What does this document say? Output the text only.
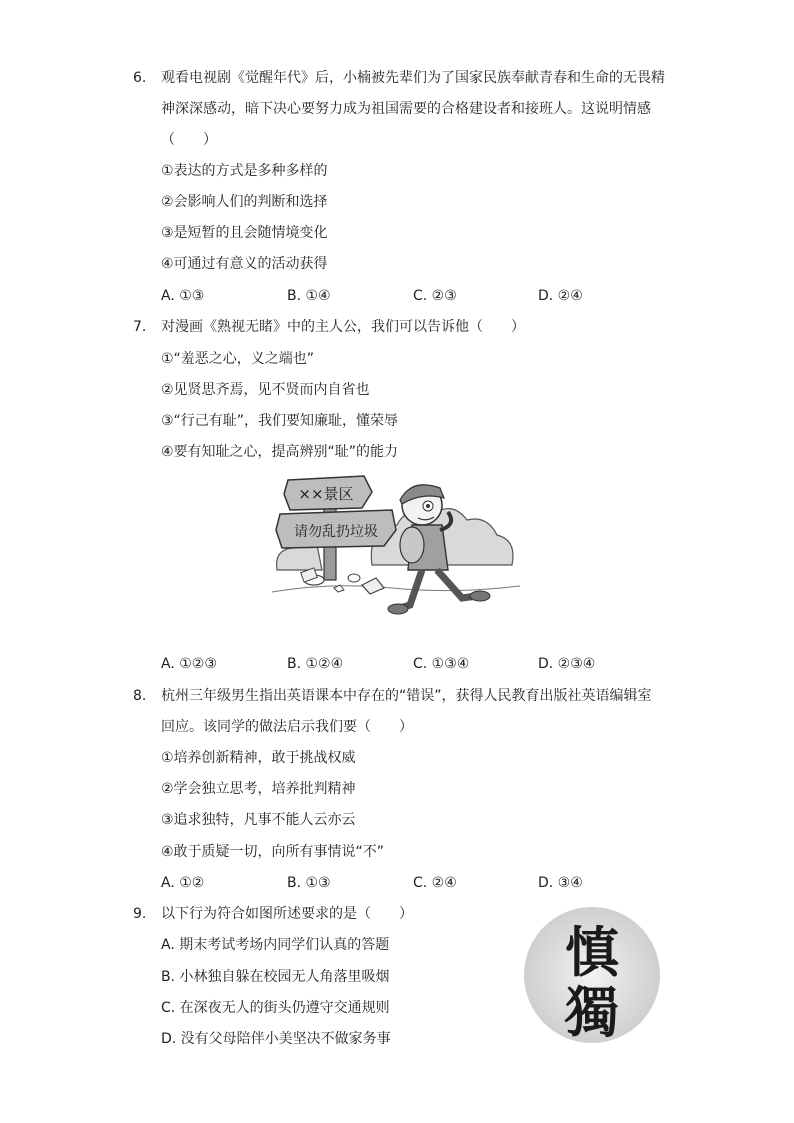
6. 观看电视剧《觉醒年代》后，小楠被先辈们为了国家民族奉献青春和生命的无畏精
神深深感动，暗下决心要努力成为祖国需要的合格建设者和接班人。这说明情感
（　　）
①表达的方式是多种多样的
②会影响人们的判断和选择
③是短暂的且会随情境变化
④可通过有意义的活动获得
A. ①③	B. ①④	C. ②③	D. ②④
7. 对漫画《熟视无睹》中的主人公，我们可以告诉他（　　）
①“羞恶之心，义之端也”
②见贤思齐焉，见不贤而内自省也
③“行己有耻”，我们要知廉耻，懂荣辱
④要有知耻之心，提高辨别“耻”的能力
××景区
请勿乱扔垃圾
A. ①②③	B. ①②④	C. ①③④	D. ②③④
8. 杭州三年级男生指出英语课本中存在的“错误”，获得人民教育出版社英语编辑室
回应。该同学的做法启示我们要（　　）
①培养创新精神，敢于挑战权威
②学会独立思考，培养批判精神
③追求独特，凡事不能人云亦云
④敢于质疑一切，向所有事情说“不”
A. ①②	B. ①③	C. ②④	D. ③④
9. 以下行为符合如图所述要求的是（　　）
A. 期末考试考场内同学们认真的答题
B. 小林独自躲在校园无人角落里吸烟
C. 在深夜无人的街头仍遵守交通规则
D. 没有父母陪伴小美坚决不做家务事
慎
獨
